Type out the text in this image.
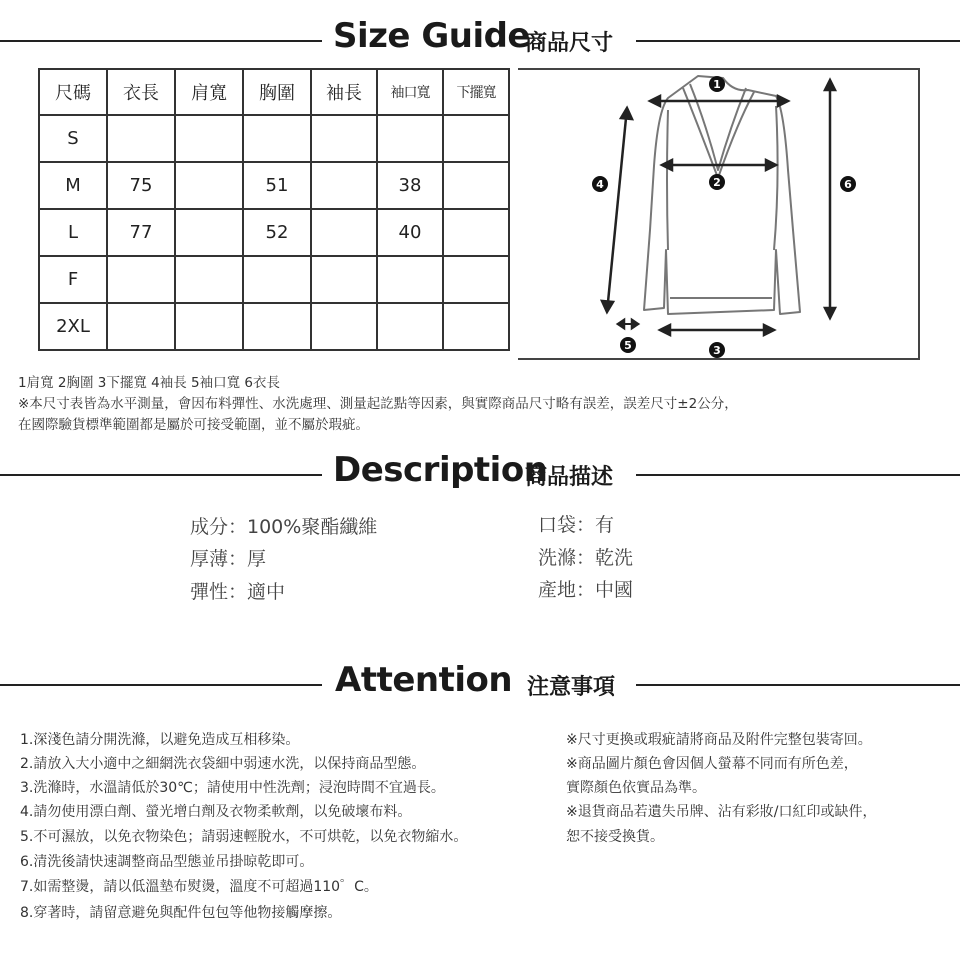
Size Guide
商品尺寸
尺碼	衣長	肩寬	胸圍	袖長	袖口寬	下擺寬
S						
M	75		51		38	
L	77		52		40	
F						
2XL						
1
2
3
4
5
6
1肩寬 2胸圍 3下擺寬 4袖長 5袖口寬 6衣長
※本尺寸表皆為水平測量，會因布料彈性、水洗處理、測量起訖點等因素，與實際商品尺寸略有誤差，誤差尺寸±2公分，
在國際驗貨標準範圍都是屬於可接受範圍，並不屬於瑕疵。
Description
商品描述
成分：100%聚酯纖維
厚薄：厚
彈性：適中
口袋：有
洗滌：乾洗
產地：中國
Attention 注意事項
1.深淺色請分開洗滌，以避免造成互相移染。
2.請放入大小適中之細網洗衣袋細中弱速水洗，以保持商品型態。
3.洗滌時，水溫請低於30℃；請使用中性洗劑；浸泡時間不宜過長。
4.請勿使用漂白劑、螢光增白劑及衣物柔軟劑，以免破壞布料。
5.不可濕放，以免衣物染色；請弱速輕脫水，不可烘乾，以免衣物縮水。
6.清洗後請快速調整商品型態並吊掛晾乾即可。
7.如需整燙，請以低溫墊布熨燙，溫度不可超過110゜C。
8.穿著時，請留意避免與配件包包等他物接觸摩擦。
※尺寸更換或瑕疵請將商品及附件完整包裝寄回。
※商品圖片顏色會因個人螢幕不同而有所色差，
實際顏色依實品為準。
※退貨商品若遺失吊牌、沾有彩妝/口紅印或缺件，
恕不接受換貨。
